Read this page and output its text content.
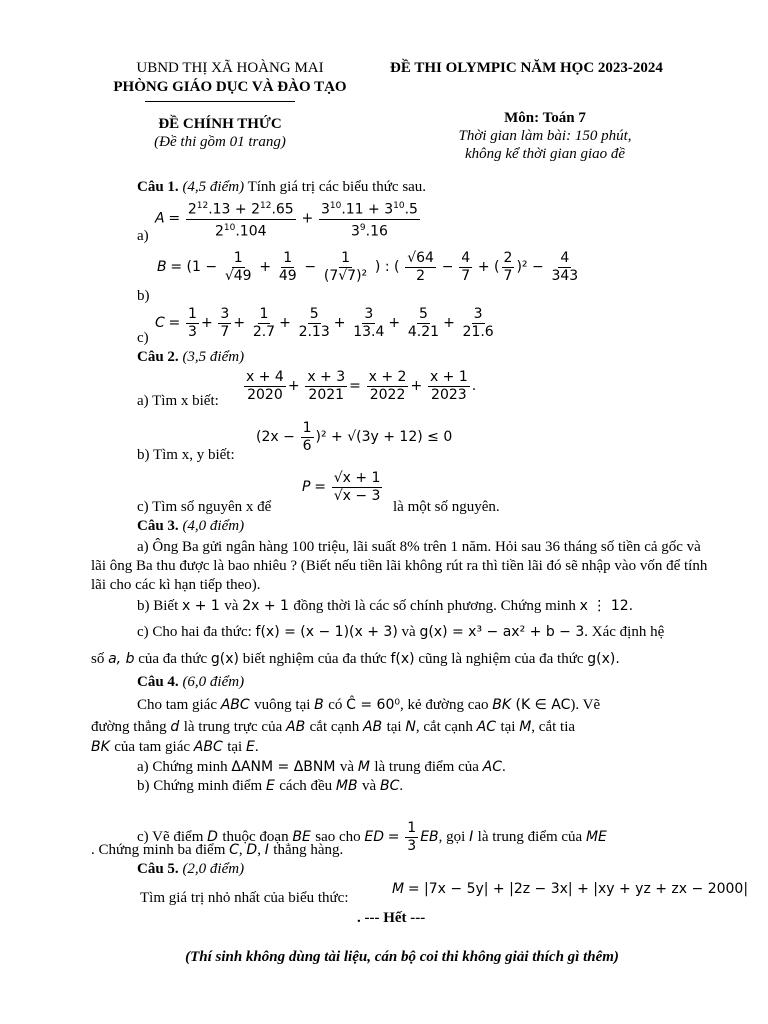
UBND THỊ XÃ HOÀNG MAI
PHÒNG GIÁO DỤC VÀ ĐÀO TẠO
ĐỀ THI OLYMPIC NĂM HỌC 2023-2024
ĐỀ CHÍNH THỨC
(Đề thi gồm 01 trang)
Môn: Toán 7
Thời gian làm bài: 150 phút,
không kể thời gian giao đề
Câu 1. (4,5 điểm) Tính giá trị các biểu thức sau.
a)
$A = \frac{2^{12}.13 + 2^{12}.65}{2^{10}.104} + \frac{3^{10}.11 + 3^{10}.5}{3^9.16}$
b)
$B = (1 - \frac{1}{√49} + \frac{1}{49} - \frac{1}{\text{(7√7)²}}$ ) : ( $\frac{√64}{2} - \frac{4}{7}$ + ( $\frac{2}{7} )^2 - \frac{4}{343}$
c)
$C = \frac{1}{3} + \frac{3}{7} + \frac{1}{2.7} + \frac{5}{2.13} + \frac{3}{13.4} + \frac{5}{4.21} + \frac{3}{21.6}$
Câu 2. (3,5 điểm)
a) Tìm x biết: $\frac{x + 4}{2020} + \frac{x + 3}{2021} = \frac{x + 2}{2022} + \frac{x + 1}{2023}$ .
b) Tìm x, y biết:
$(2x - \frac{1}{6} )^2 + √(3y + 12) \le 0$
c) Tìm số nguyên x để
$P = \frac{√x + 1}{√x - 3}$
là một số nguyên.
Câu 3. (4,0 điểm)
a) Ông Ba gửi ngân hàng 100 triệu, lãi suất 8% trên 1 năm. Hỏi sau 36 tháng số tiền cả gốc và lãi ông Ba thu được là bao nhiêu ? (Biết nếu tiền lãi không rút ra thì tiền lãi đó sẽ nhập vào vốn để tính lãi cho các kì hạn tiếp theo).
b) Biết x + 1 và 2x + 1 đồng thời là các số chính phương. Chứng minh x ⋮ 12.
c) Cho hai đa thức: f(x) = (x − 1)(x + 3) và g(x) = x³ − ax² + b − 3. Xác định hệ
số a, b của đa thức g(x) biết nghiệm của đa thức f(x) cũng là nghiệm của đa thức g(x).
Câu 4. (6,0 điểm)
Cho tam giác ABC vuông tại B có Ĉ = 60⁰, kẻ đường cao BK (K ∈ AC). Vẽ
đường thẳng d là trung trực của AB cắt cạnh AB tại N, cắt cạnh AC tại M, cắt tia
BK của tam giác ABC tại E.
a) Chứng minh ΔANM = ΔBNM và M là trung điểm của AC.
b) Chứng minh điểm E cách đều MB và BC.
c) Vẽ điểm D thuộc đoạn BE sao cho ED = $\frac{1}{3}$ EB, gọi I là trung điểm của ME
. Chứng minh ba điểm C, D, I thẳng hàng.
Câu 5. (2,0 điểm)
Tìm giá trị nhỏ nhất của biểu thức:
M = |7x − 5y| + |2z − 3x| + |xy + yz + zx − 2000|
. --- Hết ---
(Thí sinh không dùng tài liệu, cán bộ coi thi không giải thích gì thêm)
